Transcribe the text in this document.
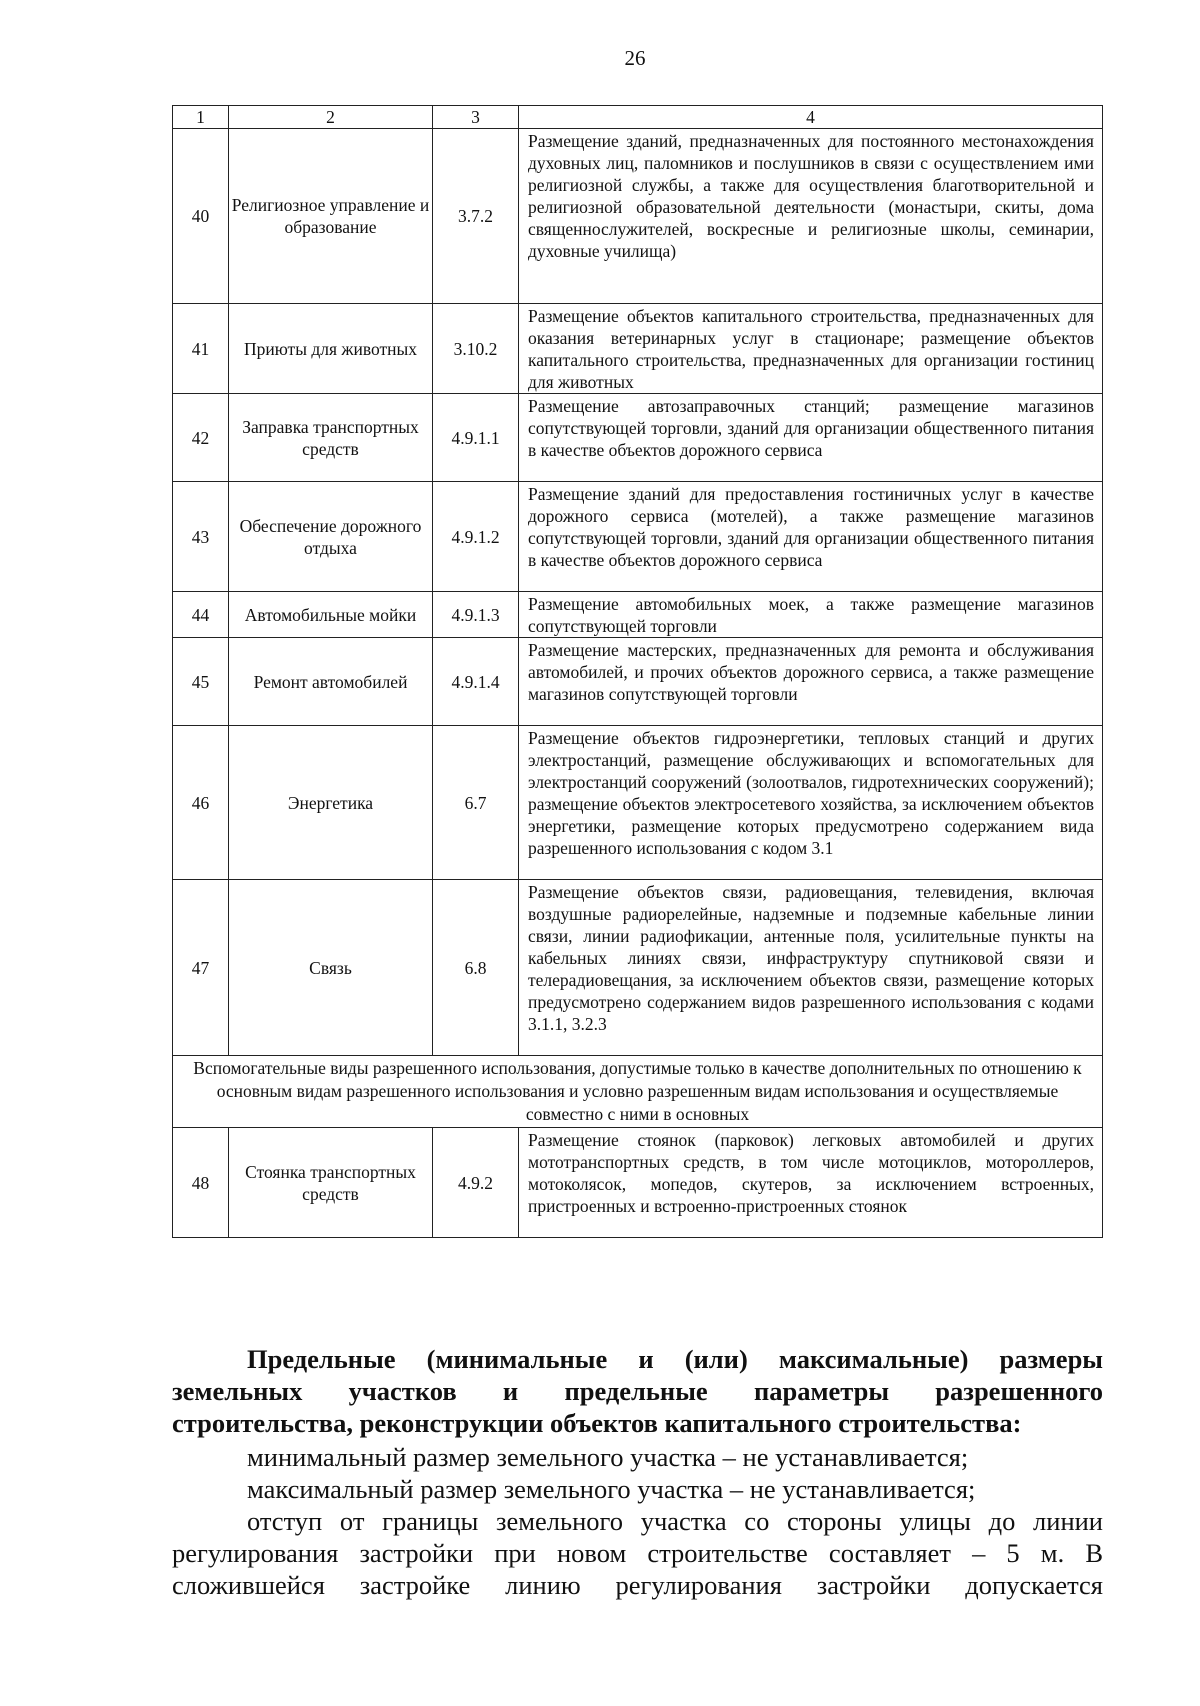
26
1	2	3	4
40	Религиозное управление и образование	3.7.2	Размещение зданий, предназначенных для постоянного местонахождения духовных лиц, паломников и послушников в связи с осуществлением ими религиозной службы, а также для осуществления благотворительной и религиозной образовательной деятельности (монастыри, скиты, дома священнослужителей, воскресные и религиозные школы, семинарии, духовные училища)
41	Приюты для животных	3.10.2	Размещение объектов капитального строительства, предназначенных для оказания ветеринарных услуг в стационаре; размещение объектов капитального строительства, предназначенных для организации гостиниц для животных
42	Заправка транспортных средств	4.9.1.1	Размещение автозаправочных станций; размещение магазинов сопутствующей торговли, зданий для организации общественного питания в качестве объектов дорожного сервиса
43	Обеспечение дорожного отдыха	4.9.1.2	Размещение зданий для предоставления гостиничных услуг в качестве дорожного сервиса (мотелей), а также размещение магазинов сопутствующей торговли, зданий для организации общественного питания в качестве объектов дорожного сервиса
44	Автомобильные мойки	4.9.1.3	Размещение автомобильных моек, а также размещение магазинов сопутствующей торговли
45	Ремонт автомобилей	4.9.1.4	Размещение мастерских, предназначенных для ремонта и обслуживания автомобилей, и прочих объектов дорожного сервиса, а также размещение магазинов сопутствующей торговли
46	Энергетика	6.7	Размещение объектов гидроэнергетики, тепловых станций и других электростанций, размещение обслуживающих и вспомогательных для электростанций сооружений (золоотвалов, гидротехнических сооружений); размещение объектов электросетевого хозяйства, за исключением объектов энергетики, размещение которых предусмотрено содержанием вида разрешенного использования с кодом 3.1
47	Связь	6.8	Размещение объектов связи, радиовещания, телевидения, включая воздушные радиорелейные, надземные и подземные кабельные линии связи, линии радиофикации, антенные поля, усилительные пункты на кабельных линиях связи, инфраструктуру спутниковой связи и телерадиовещания, за исключением объектов связи, размещение которых предусмотрено содержанием видов разрешенного использования с кодами 3.1.1, 3.2.3
Вспомогательные виды разрешенного использования, допустимые только в качестве дополнительных по отношению к основным видам разрешенного использования и условно разрешенным видам использования и осуществляемые совместно с ними в основных			
48	Стоянка транспортных средств	4.9.2	Размещение стоянок (парковок) легковых автомобилей и других мототранспортных средств, в том числе мотоциклов, мотороллеров, мотоколясок, мопедов, скутеров, за исключением встроенных, пристроенных и встроенно-пристроенных стоянок
Предельные (минимальные и (или) максимальные) размеры
земельных участков и предельные параметры разрешенного
строительства, реконструкции объектов капитального строительства:
минимальный размер земельного участка – не устанавливается;
максимальный размер земельного участка – не устанавливается;
отступ от границы земельного участка со стороны улицы до линии
регулирования застройки при новом строительстве составляет – 5 м. В
сложившейся застройке линию регулирования застройки допускается
